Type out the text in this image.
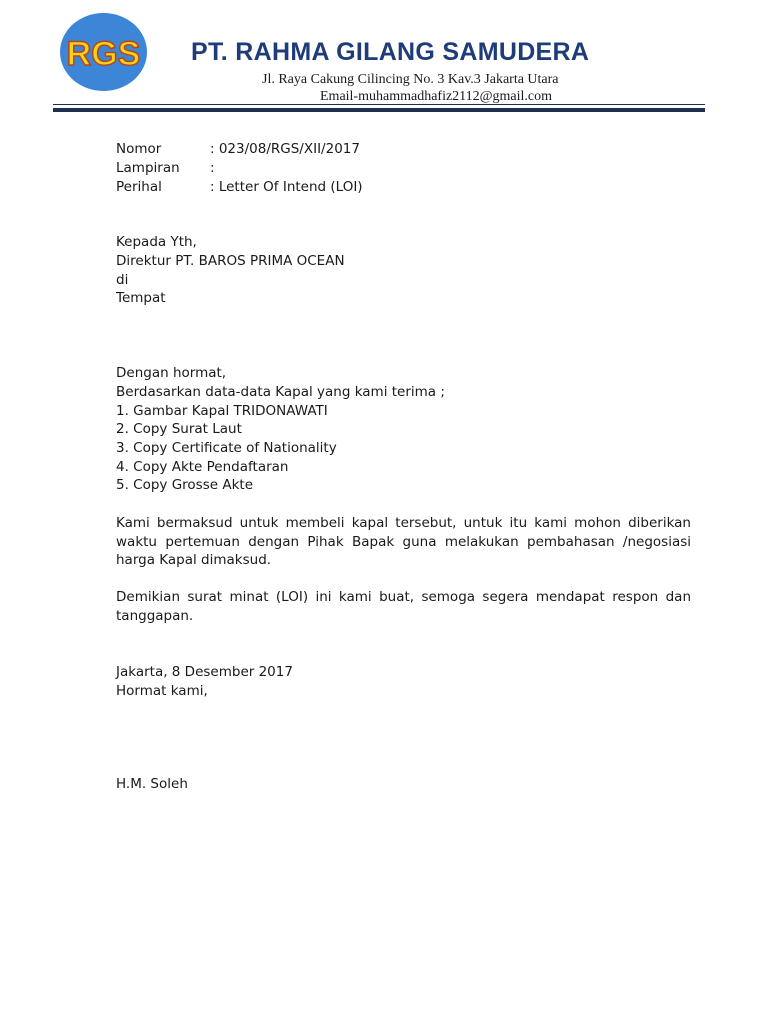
RGS PT. RAHMA GILANG SAMUDERA
Jl. Raya Cakung Cilincing No. 3 Kav.3 Jakarta Utara
Email-muhammadhafiz2112@gmail.com
Nomor	: 023/08/RGS/XII/2017
Lampiran :
Perihal	: Letter Of Intend (LOI)
Kepada Yth,
Direktur PT. BAROS PRIMA OCEAN
di
Tempat
Dengan hormat,
Berdasarkan data-data Kapal yang kami terima ;
1. Gambar Kapal TRIDONAWATI
2. Copy Surat Laut
3. Copy Certificate of Nationality
4. Copy Akte Pendaftaran
5. Copy Grosse Akte
Kami bermaksud untuk membeli kapal tersebut, untuk itu kami mohon diberikan waktu pertemuan dengan Pihak Bapak guna melakukan pembahasan /negosiasi harga Kapal dimaksud.
Demikian surat minat (LOI) ini kami buat, semoga segera mendapat respon dan tanggapan.
Jakarta, 8 Desember 2017
Hormat kami,
H.M. Soleh
